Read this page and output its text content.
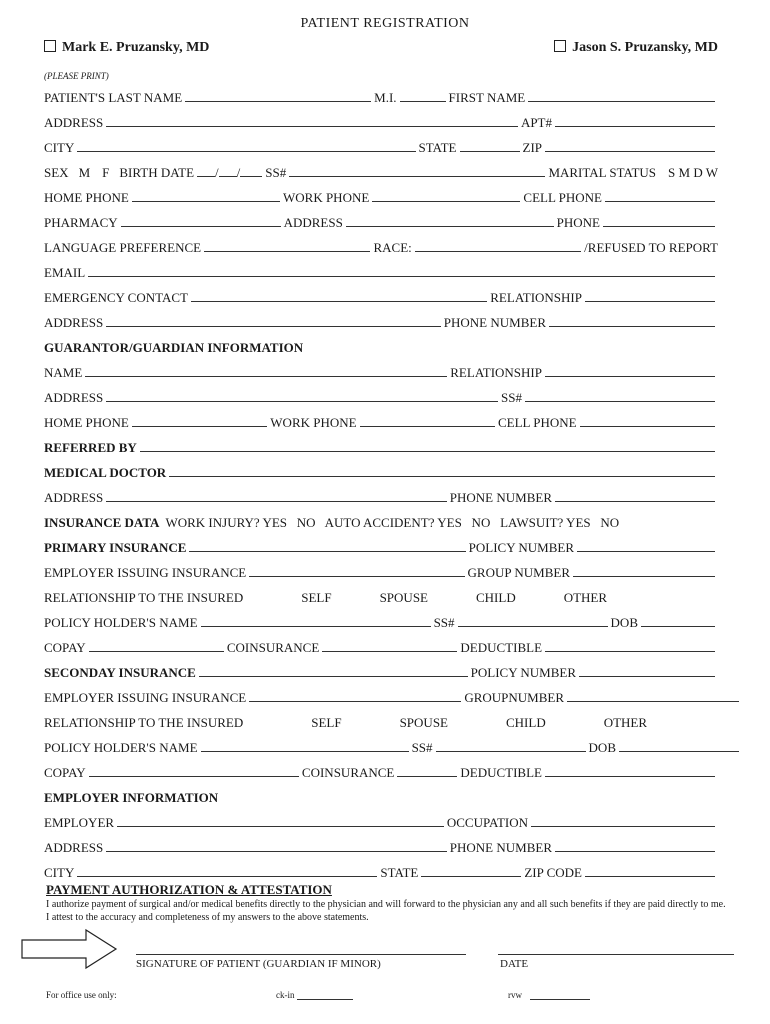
PATIENT REGISTRATION
Mark E. Pruzansky, MD	Jason S. Pruzansky, MD
(PLEASE PRINT)
PATIENT'S LAST NAME	M.I.	FIRST NAME
ADDRESS	APT#
CITY	STATE	ZIP
SEX M F BIRTH DATE / / SS#	MARITAL STATUS S M D W
HOME PHONE	WORK PHONE	CELL PHONE
PHARMACY	ADDRESS	PHONE
LANGUAGE PREFERENCE	RACE:	/REFUSED TO REPORT
EMAIL
EMERGENCY CONTACT	RELATIONSHIP
ADDRESS	PHONE NUMBER
GUARANTOR/GUARDIAN INFORMATION
NAME	RELATIONSHIP
ADDRESS	SS#
HOME PHONE	WORK PHONE	CELL PHONE
REFERRED BY
MEDICAL DOCTOR
ADDRESS	PHONE NUMBER
INSURANCE DATA WORK INJURY? YES   NO   AUTO ACCIDENT? YES   NO   LAWSUIT? YES   NO
PRIMARY INSURANCE	POLICY NUMBER
EMPLOYER ISSUING INSURANCE	GROUP NUMBER
RELATIONSHIP TO THE INSURED	SELF	SPOUSE	CHILD	OTHER
POLICY HOLDER'S NAME	SS#	DOB
COPAY	COINSURANCE	DEDUCTIBLE
SECONDAY INSURANCE	POLICY NUMBER
EMPLOYER ISSUING INSURANCE	GROUPNUMBER
RELATIONSHIP TO THE INSURED	SELF	SPOUSE	CHILD	OTHER
POLICY HOLDER'S NAME	SS#	DOB
COPAY	COINSURANCE	DEDUCTIBLE
EMPLOYER INFORMATION
EMPLOYER	OCCUPATION
ADDRESS	PHONE NUMBER
CITY	STATE	ZIP CODE
PAYMENT AUTHORIZATION & ATTESTATION
I authorize payment of surgical and/or medical benefits directly to the physician and will forward to the physician any and all such benefits if they are paid directly to me. I attest to the accuracy and completeness of my answers to the above statements.
SIGNATURE OF PATIENT (GUARDIAN IF MINOR)	DATE
For office use only:	ck-in	rvw
